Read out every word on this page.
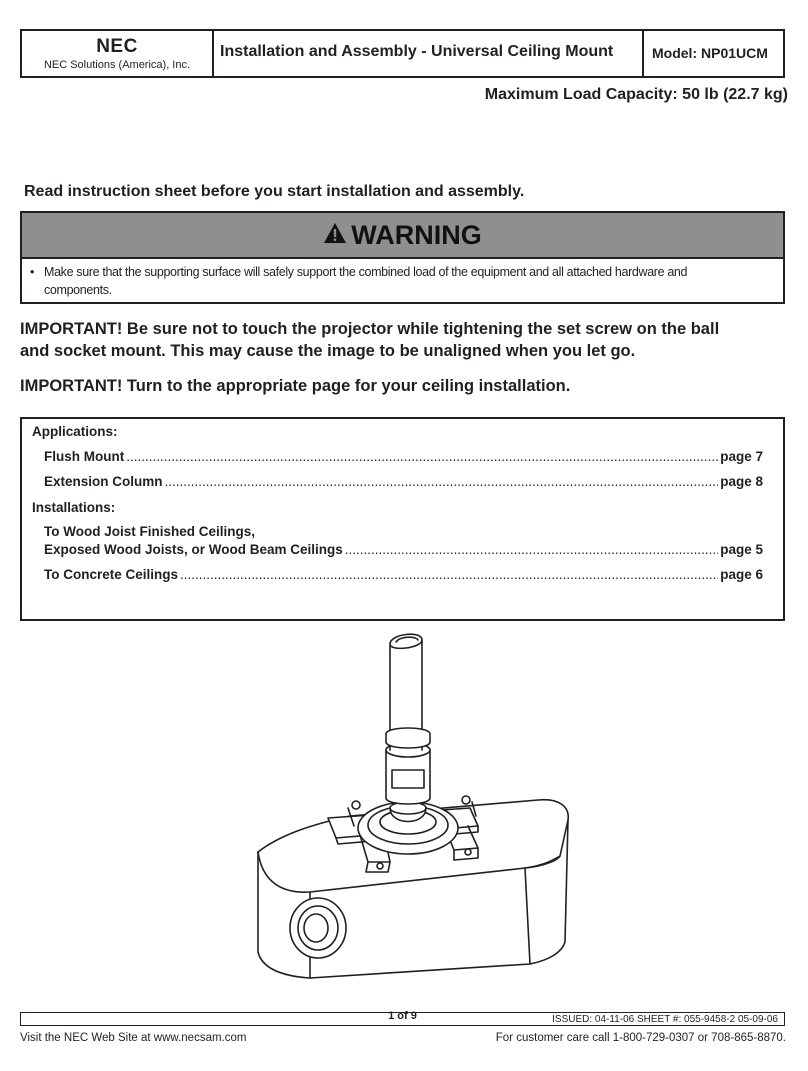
NEC
NEC Solutions (America), Inc.
Installation and Assembly - Universal Ceiling Mount	Model: NP01UCM
Maximum Load Capacity: 50 lb (22.7 kg)
Read instruction sheet before you start installation and assembly.
WARNING
• Make sure that the supporting surface will safely support the combined load of the equipment and all attached hardware and components.
IMPORTANT! Be sure not to touch the projector while tightening the set screw on the ball and socket mount. This may cause the image to be unaligned when you let go.
IMPORTANT! Turn to the appropriate page for your ceiling installation.
Applications:
Flush Mount .....	page 7
Extension Column .....	page 8
Installations:
To Wood Joist Finished Ceilings,
Exposed Wood Joists, or Wood Beam Ceilings .....	page 5
To Concrete Ceilings .....	page 6
1 of 9	ISSUED: 04-11-06 SHEET #: 055-9458-2 05-09-06
Visit the NEC Web Site at www.necsam.com	For customer care call 1-800-729-0307 or 708-865-8870.
